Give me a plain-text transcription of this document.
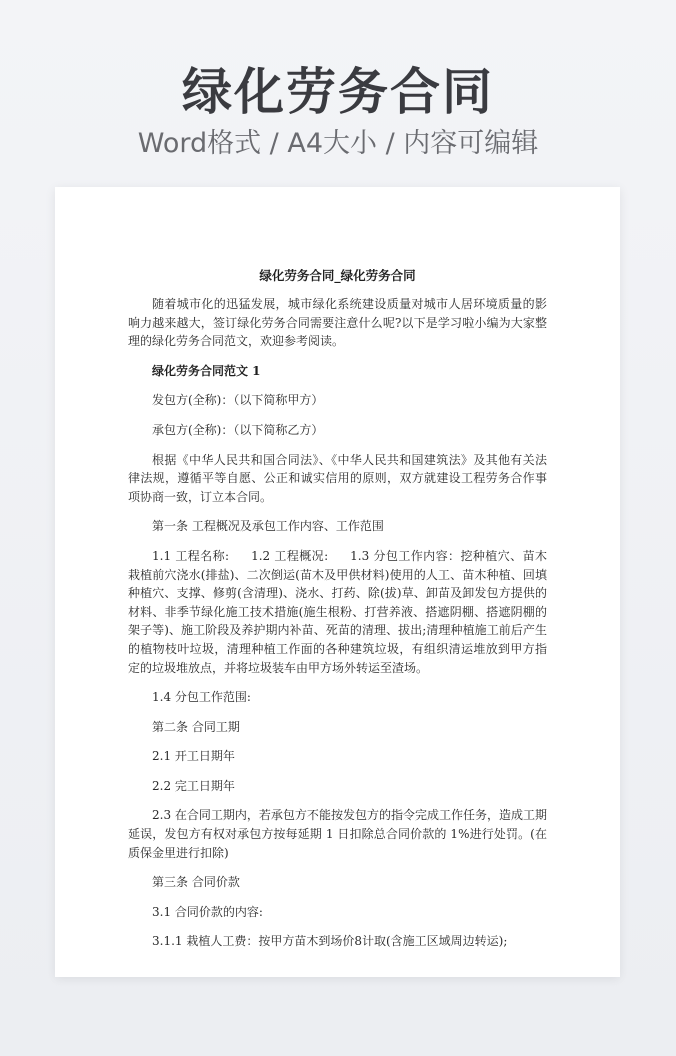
绿化劳务合同
Word格式 / A4大小 / 内容可编辑
绿化劳务合同_绿化劳务合同

随着城市化的迅猛发展，城市绿化系统建设质量对城市人居环境质量的影响力越来越大，签订绿化劳务合同需要注意什么呢?以下是学习啦小编为大家整理的绿化劳务合同范文，欢迎参考阅读。

绿化劳务合同范文 1

发包方(全称)：（以下简称甲方）

承包方(全称)：（以下简称乙方）

根据《中华人民共和国合同法》、《中华人民共和国建筑法》及其他有关法律法规，遵循平等自愿、公正和诚实信用的原则，双方就建设工程劳务合作事项协商一致，订立本合同。

第一条 工程概况及承包工作内容、工作范围

1.1 工程名称: 1.2 工程概况: 1.3 分包工作内容：挖种植穴、苗木栽植前穴浇水(排盐)、二次倒运(苗木及甲供材料)使用的人工、苗木种植、回填种植穴、支撑、修剪(含清理)、浇水、打药、除(拔)草、卸苗及卸发包方提供的材料、非季节绿化施工技术措施(施生根粉、打营养液、搭遮阴棚、搭遮阴棚的架子等)、施工阶段及养护期内补苗、死苗的清理、拔出;清理种植施工前后产生的植物枝叶垃圾，清理种植工作面的各种建筑垃圾，有组织清运堆放到甲方指定的垃圾堆放点，并将垃圾装车由甲方场外转运至渣场。

1.4 分包工作范围:

第二条 合同工期

2.1 开工日期年

2.2 完工日期年

2.3 在合同工期内，若承包方不能按发包方的指令完成工作任务，造成工期延误，发包方有权对承包方按每延期 1 日扣除总合同价款的 1%进行处罚。(在质保金里进行扣除)

第三条 合同价款

3.1 合同价款的内容:

3.1.1 栽植人工费：按甲方苗木到场价8计取(含施工区域周边转运);
